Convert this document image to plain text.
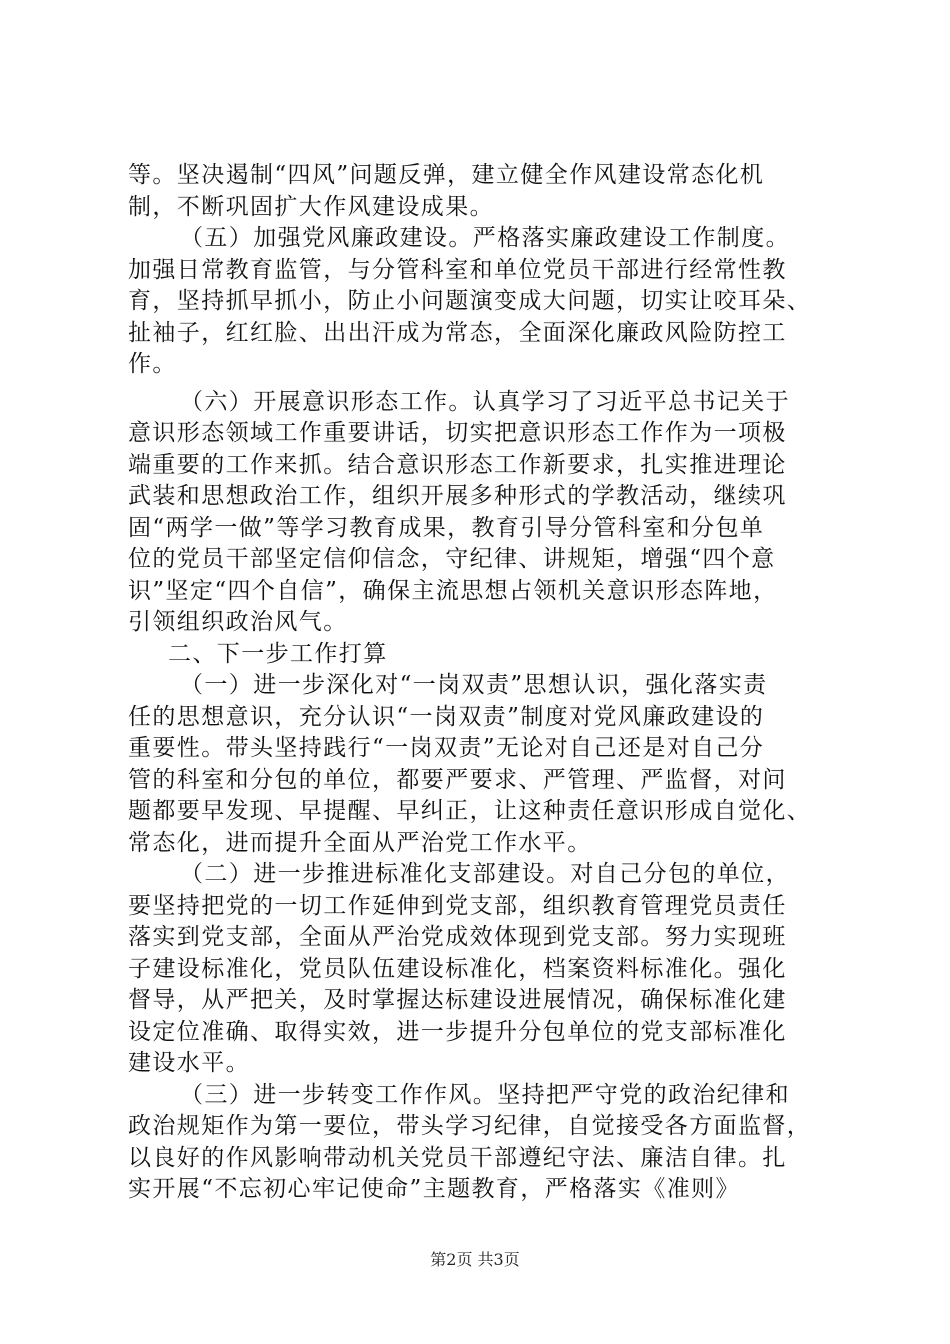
等。坚决遏制“四风”问题反弹，建立健全作风建设常态化机
制，不断巩固扩大作风建设成果。
（五）加强党风廉政建设。严格落实廉政建设工作制度。
加强日常教育监管，与分管科室和单位党员干部进行经常性教
育，坚持抓早抓小，防止小问题演变成大问题，切实让咬耳朵、
扯袖子，红红脸、出出汗成为常态，全面深化廉政风险防控工
作。
（六）开展意识形态工作。认真学习了习近平总书记关于
意识形态领域工作重要讲话，切实把意识形态工作作为一项极
端重要的工作来抓。结合意识形态工作新要求，扎实推进理论
武装和思想政治工作，组织开展多种形式的学教活动，继续巩
固“两学一做”等学习教育成果，教育引导分管科室和分包单
位的党员干部坚定信仰信念，守纪律、讲规矩，增强“四个意
识”坚定“四个自信”，确保主流思想占领机关意识形态阵地，
引领组织政治风气。
二、下一步工作打算
（一）进一步深化对“一岗双责”思想认识，强化落实责
任的思想意识，充分认识“一岗双责”制度对党风廉政建设的
重要性。带头坚持践行“一岗双责”无论对自己还是对自己分
管的科室和分包的单位，都要严要求、严管理、严监督，对问
题都要早发现、早提醒、早纠正，让这种责任意识形成自觉化、
常态化，进而提升全面从严治党工作水平。
（二）进一步推进标准化支部建设。对自己分包的单位，
要坚持把党的一切工作延伸到党支部，组织教育管理党员责任
落实到党支部，全面从严治党成效体现到党支部。努力实现班
子建设标准化，党员队伍建设标准化，档案资料标准化。强化
督导，从严把关，及时掌握达标建设进展情况，确保标准化建
设定位准确、取得实效，进一步提升分包单位的党支部标准化
建设水平。
（三）进一步转变工作作风。坚持把严守党的政治纪律和
政治规矩作为第一要位，带头学习纪律，自觉接受各方面监督，
以良好的作风影响带动机关党员干部遵纪守法、廉洁自律。扎
实开展“不忘初心牢记使命”主题教育，严格落实《准则》
第2页 共3页
